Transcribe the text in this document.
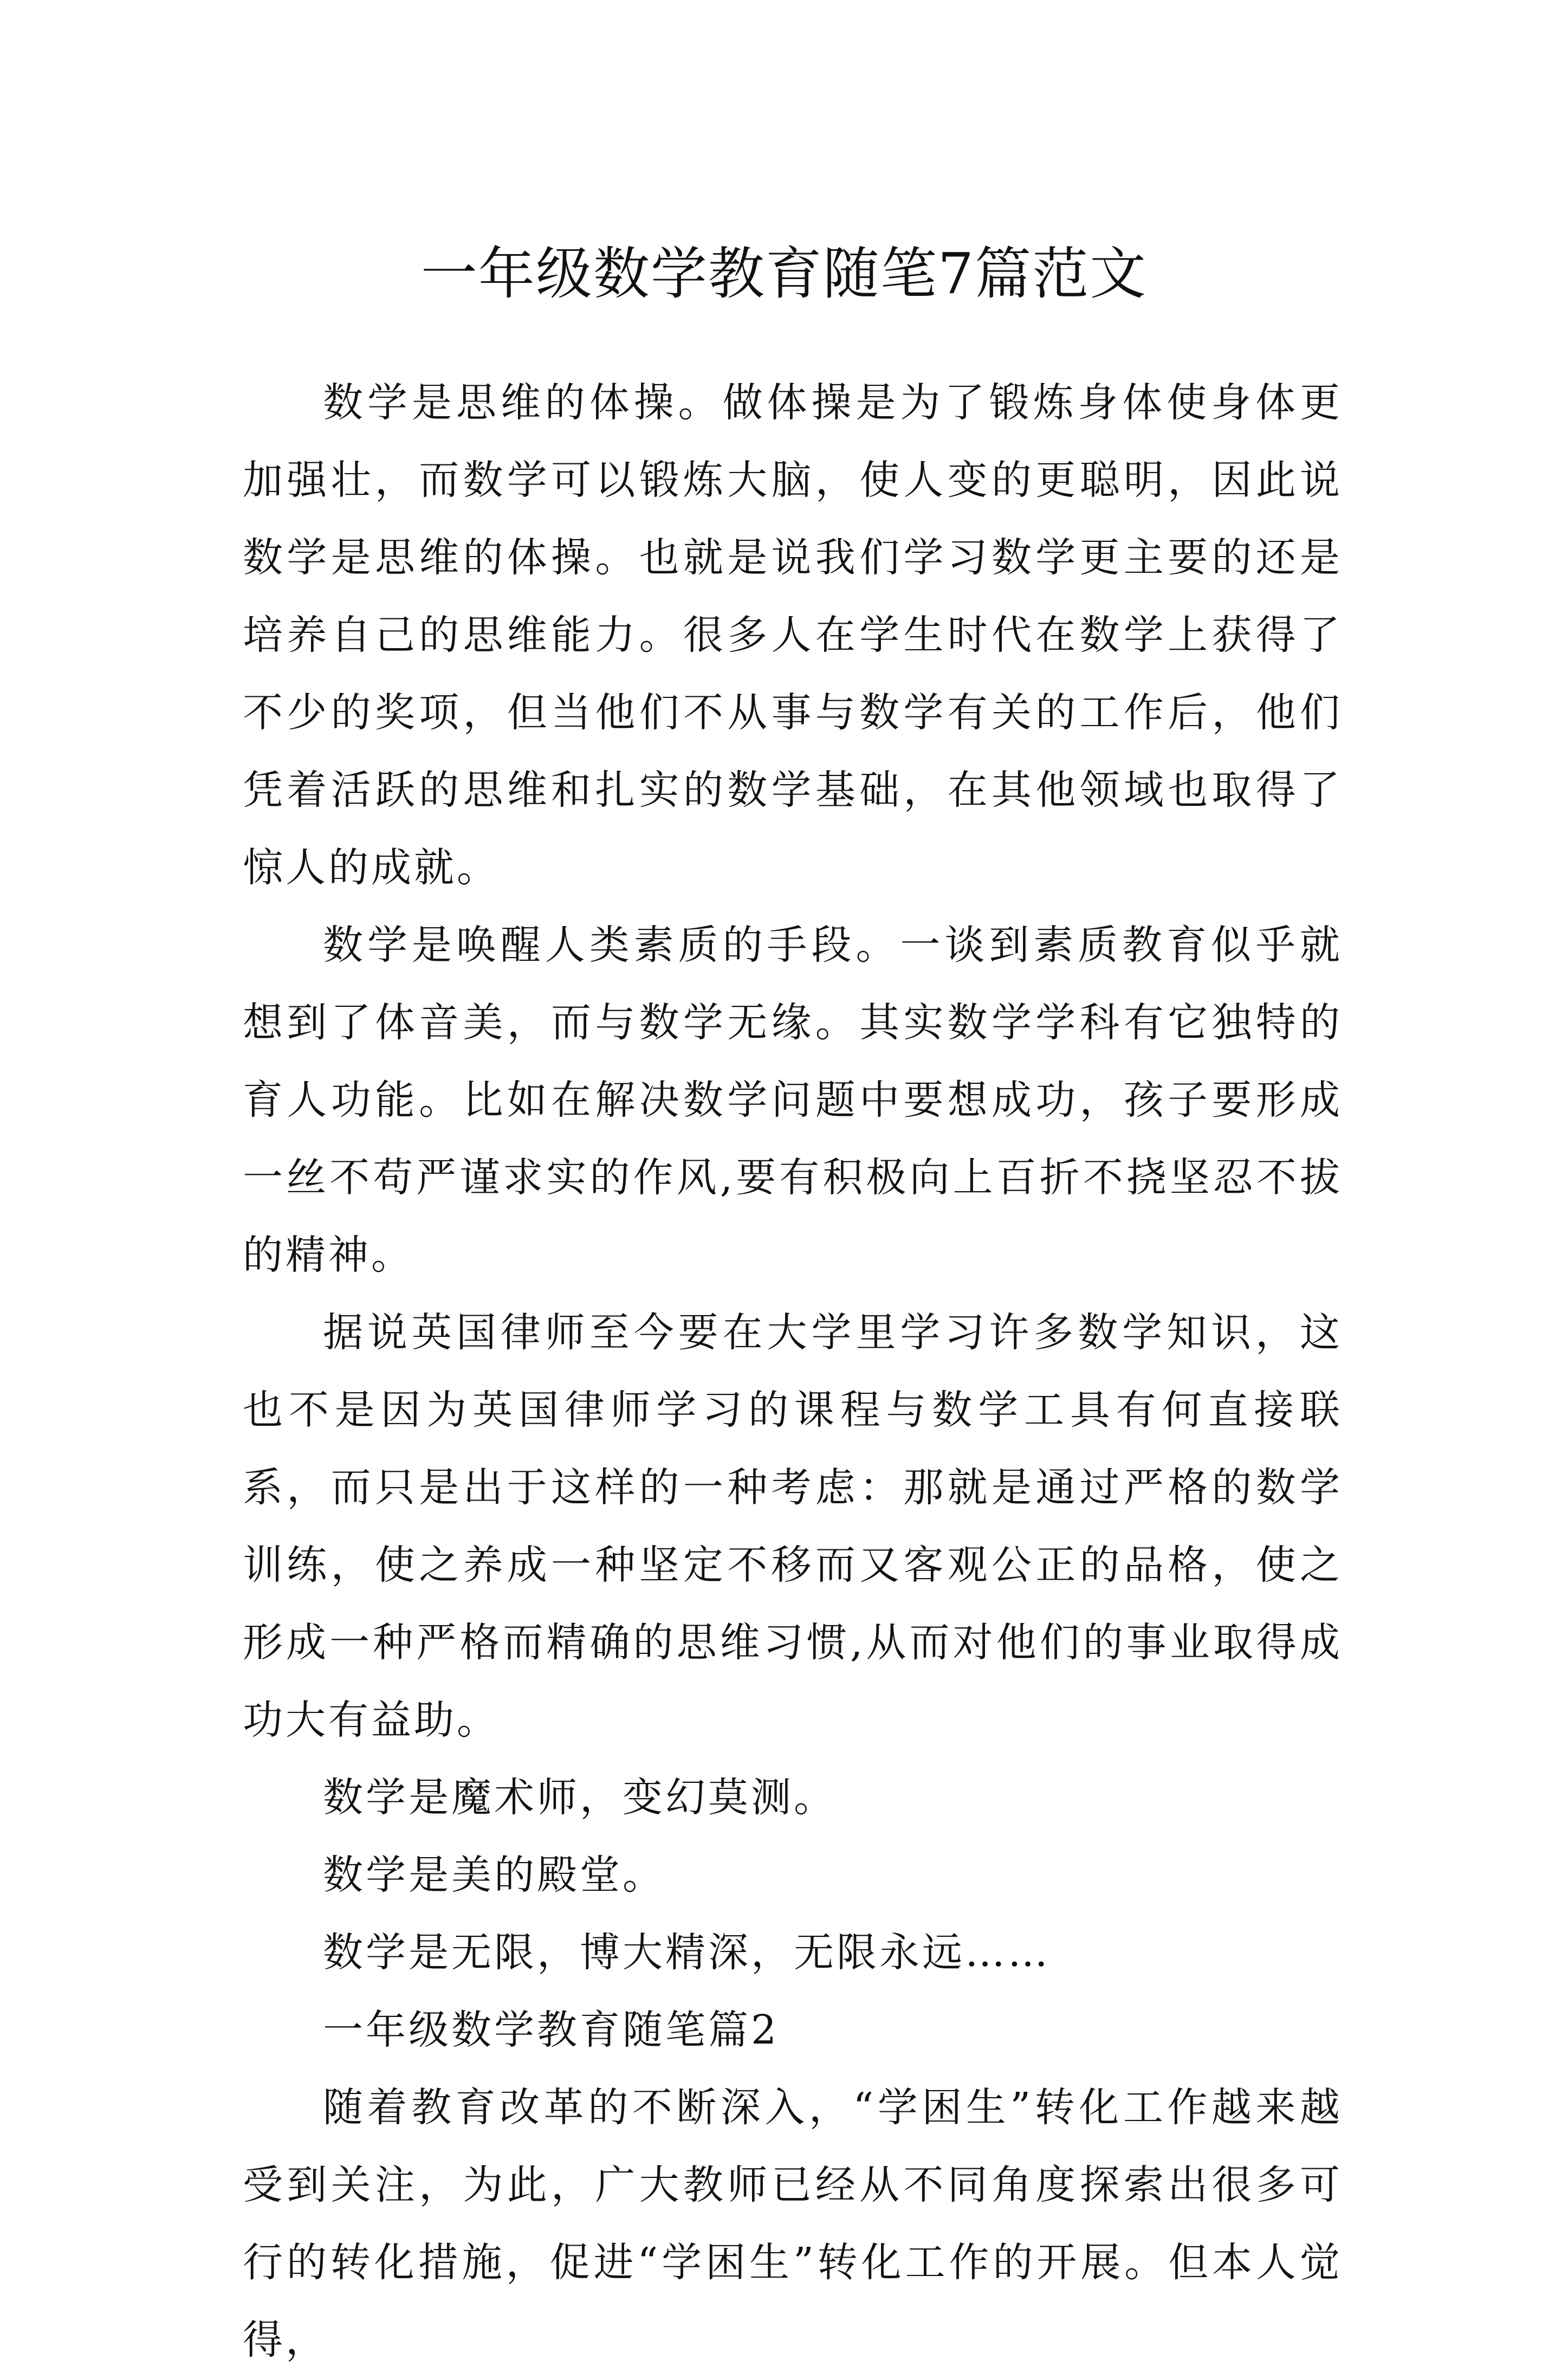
一年级数学教育随笔7篇范文

数学是思维的体操。做体操是为了锻炼身体使身体更加强壮，而数学可以锻炼大脑，使人变的更聪明，因此说数学是思维的体操。也就是说我们学习数学更主要的还是培养自己的思维能力。很多人在学生时代在数学上获得了不少的奖项，但当他们不从事与数学有关的工作后，他们凭着活跃的思维和扎实的数学基础，在其他领域也取得了惊人的成就。

数学是唤醒人类素质的手段。一谈到素质教育似乎就想到了体音美，而与数学无缘。其实数学学科有它独特的育人功能。比如在解决数学问题中要想成功，孩子要形成一丝不苟严谨求实的作风,要有积极向上百折不挠坚忍不拔的精神。

据说英国律师至今要在大学里学习许多数学知识，这也不是因为英国律师学习的课程与数学工具有何直接联系，而只是出于这样的一种考虑：那就是通过严格的数学训练，使之养成一种坚定不移而又客观公正的品格，使之形成一种严格而精确的思维习惯,从而对他们的事业取得成功大有益助。

数学是魔术师，变幻莫测。

数学是美的殿堂。

数学是无限，博大精深，无限永远……

一年级数学教育随笔篇2

随着教育改革的不断深入，“学困生”转化工作越来越受到关注，为此，广大教师已经从不同角度探索出很多可行的转化措施，促进“学困生”转化工作的开展。但本人觉得，
